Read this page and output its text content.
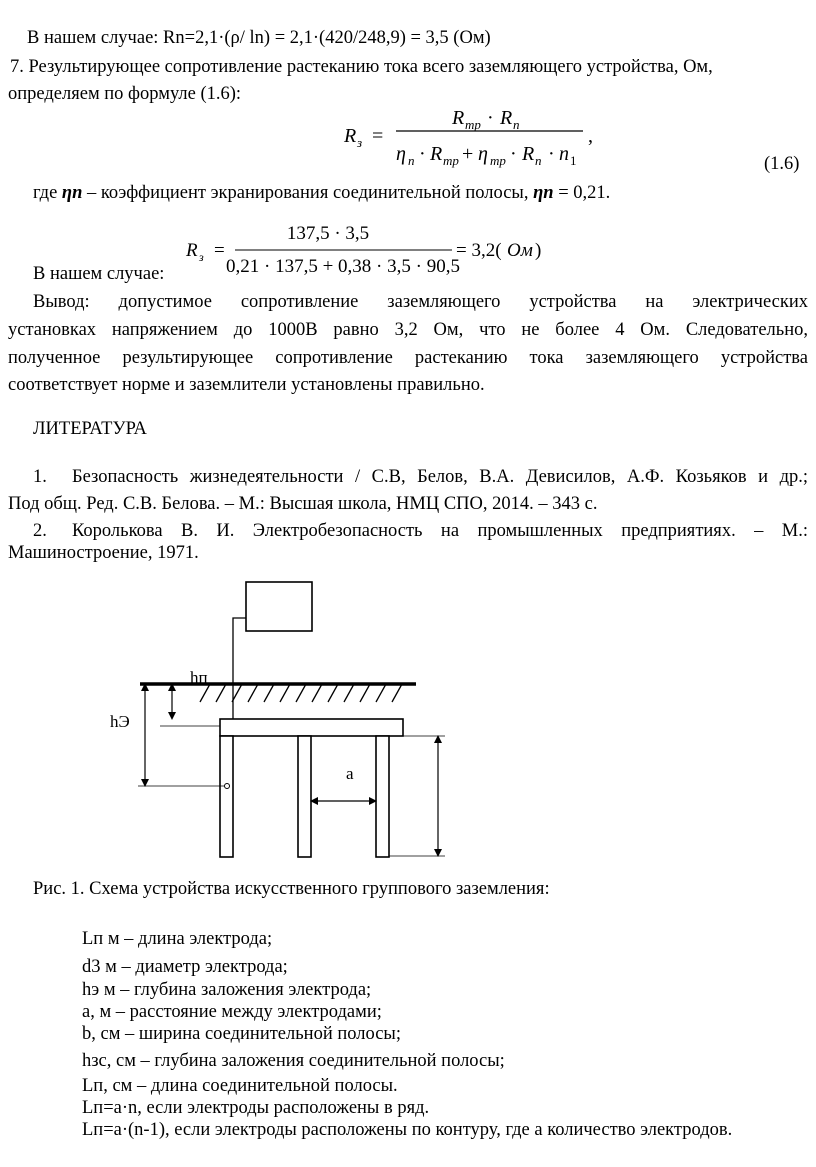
В нашем случае: Rn=2,1·(ρ/ ln) = 2,1·(420/248,9) = 3,5 (Ом)
7. Результирующее сопротивление растеканию тока всего заземляющего устройства, Ом,
определяем по формуле (1.6):
R з =
R тр · R п
η п · R тр + η тр · R п · n 1
,
(1.6)
где ηп – коэффициент экранирования соединительной полосы, ηп = 0,21.
R з =
137,5 · 3,5
0,21 · 137,5 + 0,38 · 3,5 · 90,5
= 3,2( Ом )
В нашем случае:
Вывод: допустимое сопротивление заземляющего устройства на электрических
установках напряжением до 1000В равно 3,2 Ом, что не более 4 Ом. Следовательно,
полученное результирующее сопротивление растеканию тока заземляющего устройства
соответствует норме и заземлители установлены правильно.
ЛИТЕРАТУРА
1. Безопасность жизнедеятельности / С.В, Белов, В.А. Девисилов, А.Ф. Козьяков и др.;
Под общ. Ред. С.В. Белова. – М.: Высшая школа, НМЦ СПО, 2014. – 343 с.
2. Королькова В. И. Электробезопасность на промышленных предприятиях. – М.:
Машиностроение, 1971.
hп
hЭ
a
Рис. 1. Схема устройства искусственного группового заземления:
Lп м – длина электрода;
d3 м – диаметр электрода;
hэ м – глубина заложения электрода;
а, м – расстояние между электродами;
b, см – ширина соединительной полосы;
hзс, см – глубина заложения соединительной полосы;
Lп, см – длина соединительной полосы.
Lп=a·n, если электроды расположены в ряд.
Lп=a·(n-1), если электроды расположены по контуру, где а количество электродов.
